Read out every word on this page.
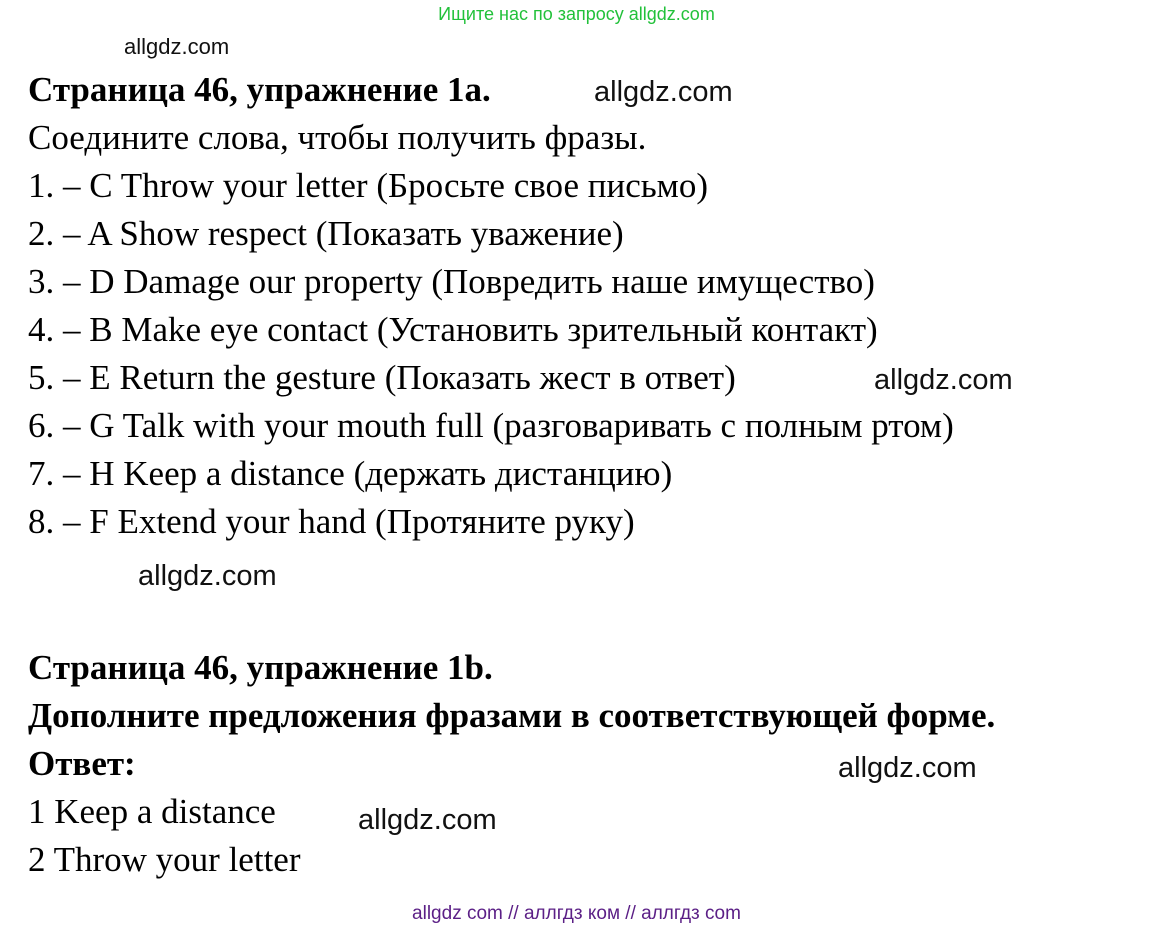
Ищите нас по запросу allgdz.com
allgdz.com
Страница 46, упражнение 1a.	allgdz.com
Соедините слова, чтобы получить фразы.
1. – C Throw your letter (Бросьте свое письмо)
2. – A Show respect (Показать уважение)
3. – D Damage our property (Повредить наше имущество)
4. – B Make eye contact (Установить зрительный контакт)
5. – E Return the gesture (Показать жест в ответ)	allgdz.com
6. – G Talk with your mouth full (разговаривать с полным ртом)
7. – H Keep a distance (держать дистанцию)
8. – F Extend your hand (Протяните руку)
allgdz.com
Страница 46, упражнение 1b.
Дополните предложения фразами в соответствующей форме.
Ответ:	allgdz.com
1 Keep a distance	allgdz.com
2 Throw your letter
allgdz com // аллгдз ком // аллгдз com
